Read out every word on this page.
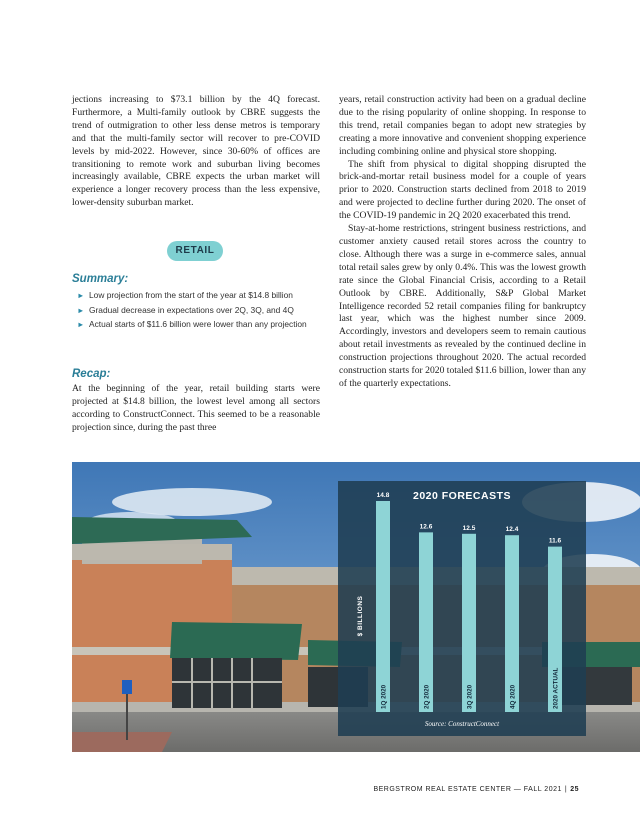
jections increasing to $73.1 billion by the 4Q forecast. Furthermore, a Multi-family outlook by CBRE suggests the trend of outmigration to other less dense metros is temporary and that the multi-family sector will recover to pre-COVID levels by mid-2022. However, since 30-60% of offices are transitioning to remote work and suburban living becomes increasingly available, CBRE expects the urban market will experience a longer recovery process than the less expensive, lower-density suburban market.

RETAIL
Summary:
► Low projection from the start of the year at $14.8 billion
► Gradual decrease in expectations over 2Q, 3Q, and 4Q
► Actual starts of $11.6 billion were lower than any projection
Recap:

At the beginning of the year, retail building starts were projected at $14.8 billion, the lowest level among all sectors according to ConstructConnect. This seemed to be a reasonable projection since, during the past three

years, retail construction activity had been on a gradual decline due to the rising popularity of online shopping. In response to this trend, retail companies began to adopt new strategies by creating a more innovative and convenient shopping experience including combining online and physical store shopping.

The shift from physical to digital shopping disrupted the brick-and-mortar retail business model for a couple of years prior to 2020. Construction starts declined from 2018 to 2019 and were projected to decline further during 2020. The onset of the COVID-19 pandemic in 2Q 2020 exacerbated this trend.

Stay-at-home restrictions, stringent business restrictions, and customer anxiety caused retail stores across the country to close. Although there was a surge in e-commerce sales, annual total retail sales grew by only 0.4%. This was the lowest growth rate since the Global Financial Crisis, according to a Retail Outlook by CBRE. Additionally, S&P Global Market Intelligence recorded 52 retail companies filing for bankruptcy last year, which was the highest number since 2009. Accordingly, investors and developers seem to remain cautious about retail investments as revealed by the continued decline in construction projections throughout 2020. The actual recorded construction starts for 2020 totaled $11.6 billion, lower than any of the quarterly expectations.

2020 FORECASTS
$ BILLIONS
14.8
1Q 2020
12.6
2Q 2020
12.5
3Q 2020
12.4
4Q 2020
11.6
2020 ACTUAL
Source: ConstructConnect
BERGSTROM REAL ESTATE CENTER — FALL 2021 | 25
